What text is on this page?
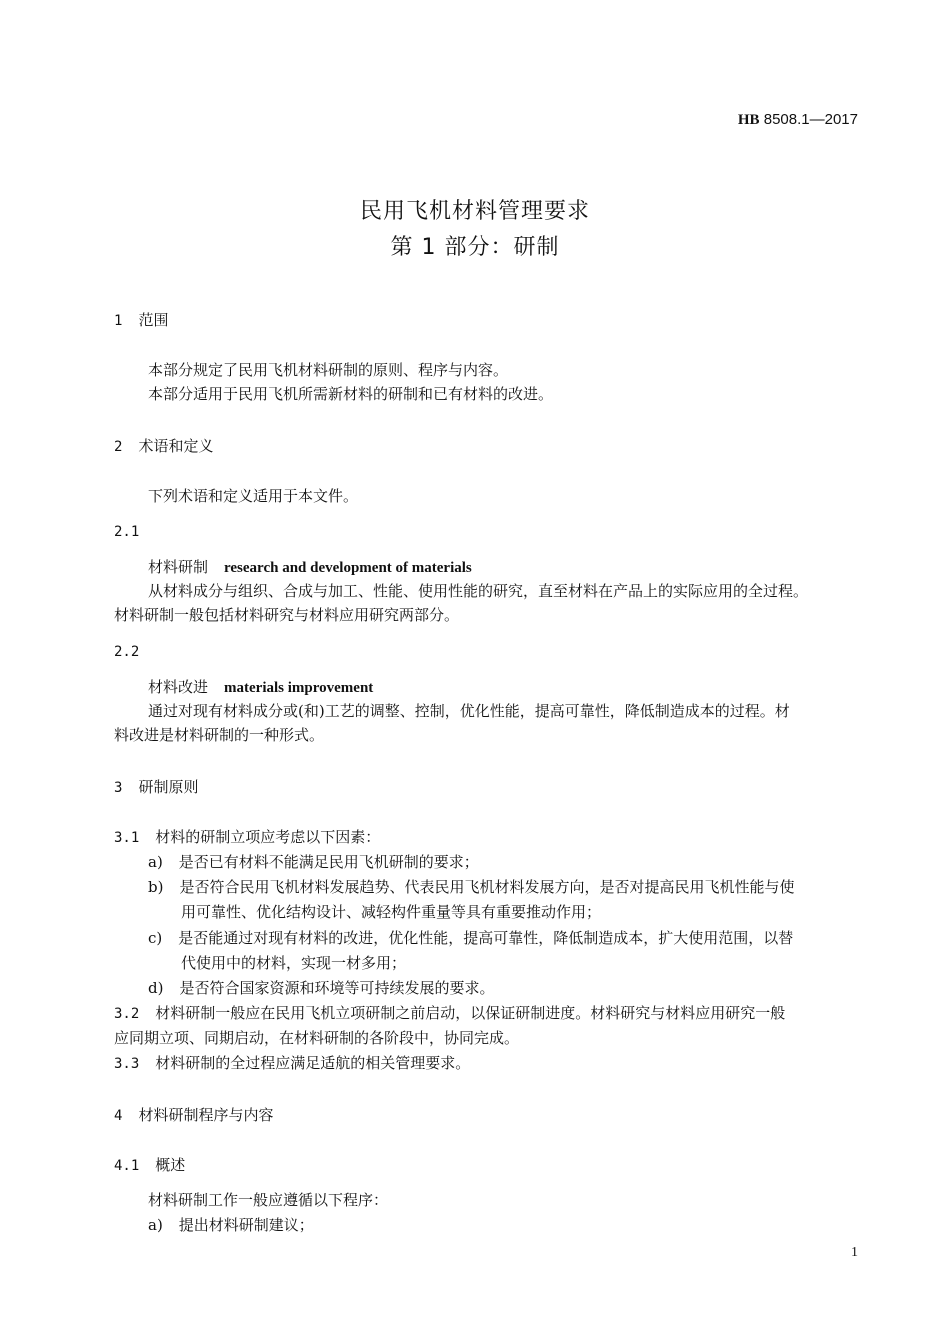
HB 8508.1—2017
民用飞机材料管理要求
第 1 部分：研制
1 范围
本部分规定了民用飞机材料研制的原则、程序与内容。
本部分适用于民用飞机所需新材料的研制和已有材料的改进。
2 术语和定义
下列术语和定义适用于本文件。
2.1
材料研制 research and development of materials
从材料成分与组织、合成与加工、性能、使用性能的研究，直至材料在产品上的实际应用的全过程。
材料研制一般包括材料研究与材料应用研究两部分。
2.2
材料改进 materials improvement
通过对现有材料成分或(和)工艺的调整、控制，优化性能，提高可靠性，降低制造成本的过程。材
料改进是材料研制的一种形式。
3 研制原则
3.1 材料的研制立项应考虑以下因素：
a) 是否已有材料不能满足民用飞机研制的要求；
b) 是否符合民用飞机材料发展趋势、代表民用飞机材料发展方向，是否对提高民用飞机性能与使
用可靠性、优化结构设计、减轻构件重量等具有重要推动作用；
c) 是否能通过对现有材料的改进，优化性能，提高可靠性，降低制造成本，扩大使用范围，以替
代使用中的材料，实现一材多用；
d) 是否符合国家资源和环境等可持续发展的要求。
3.2 材料研制一般应在民用飞机立项研制之前启动，以保证研制进度。材料研究与材料应用研究一般
应同期立项、同期启动，在材料研制的各阶段中，协同完成。
3.3 材料研制的全过程应满足适航的相关管理要求。
4 材料研制程序与内容
4.1 概述
材料研制工作一般应遵循以下程序：
a) 提出材料研制建议；
1
